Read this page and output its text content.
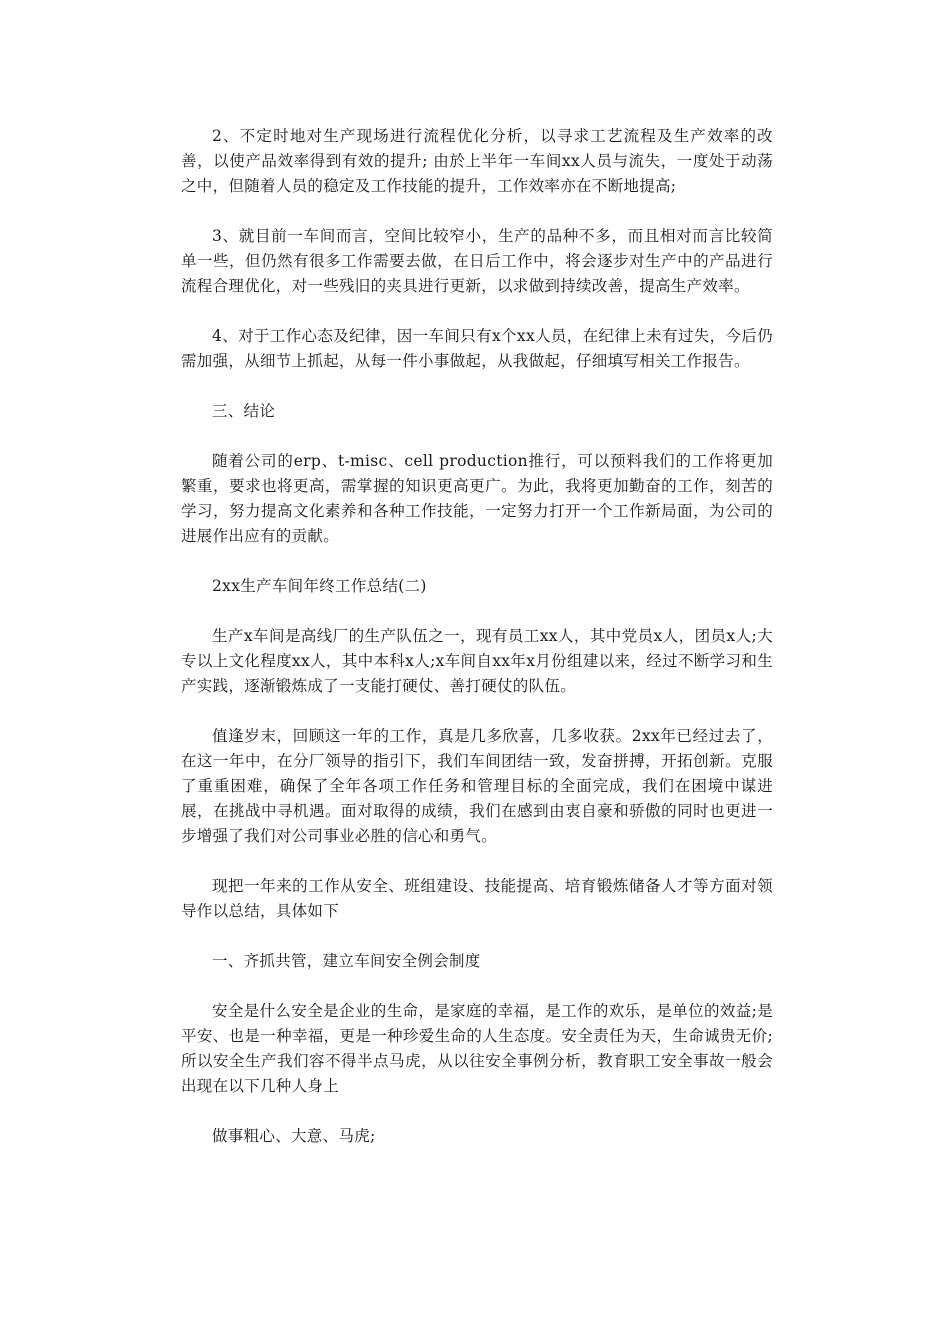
2、不定时地对生产现场进行流程优化分析，以寻求工艺流程及生产效率的改善，以使产品效率得到有效的提升; 由於上半年一车间xx人员与流失，一度处于动荡之中，但随着人员的稳定及工作技能的提升，工作效率亦在不断地提高;

3、就目前一车间而言，空间比较窄小，生产的品种不多，而且相对而言比较简单一些，但仍然有很多工作需要去做，在日后工作中，将会逐步对生产中的产品进行流程合理优化，对一些残旧的夹具进行更新，以求做到持续改善，提高生产效率。

4、对于工作心态及纪律，因一车间只有x个xx人员，在纪律上未有过失，今后仍需加强，从细节上抓起，从每一件小事做起，从我做起，仔细填写相关工作报告。

三、结论

随着公司的erp、t-misc、cell production推行，可以预料我们的工作将更加繁重，要求也将更高，需掌握的知识更高更广。为此，我将更加勤奋的工作，刻苦的学习，努力提高文化素养和各种工作技能，一定努力打开一个工作新局面，为公司的进展作出应有的贡献。

2xx生产车间年终工作总结(二)

生产x车间是高线厂的生产队伍之一，现有员工xx人，其中党员x人，团员x人;大专以上文化程度xx人，其中本科x人;x车间自xx年x月份组建以来，经过不断学习和生产实践，逐渐锻炼成了一支能打硬仗、善打硬仗的队伍。

值逢岁末，回顾这一年的工作，真是几多欣喜，几多收获。2xx年已经过去了，在这一年中，在分厂领导的指引下，我们车间团结一致，发奋拼搏，开拓创新。克服了重重困难，确保了全年各项工作任务和管理目标的全面完成，我们在困境中谋进展，在挑战中寻机遇。面对取得的成绩，我们在感到由衷自豪和骄傲的同时也更进一步增强了我们对公司事业必胜的信心和勇气。

现把一年来的工作从安全、班组建设、技能提高、培育锻炼储备人才等方面对领导作以总结，具体如下

一、齐抓共管，建立车间安全例会制度

安全是什么安全是企业的生命，是家庭的幸福，是工作的欢乐，是单位的效益;是平安、也是一种幸福，更是一种珍爱生命的人生态度。安全责任为天，生命诚贵无价;所以安全生产我们容不得半点马虎，从以往安全事例分析，教育职工安全事故一般会出现在以下几种人身上

做事粗心、大意、马虎;
